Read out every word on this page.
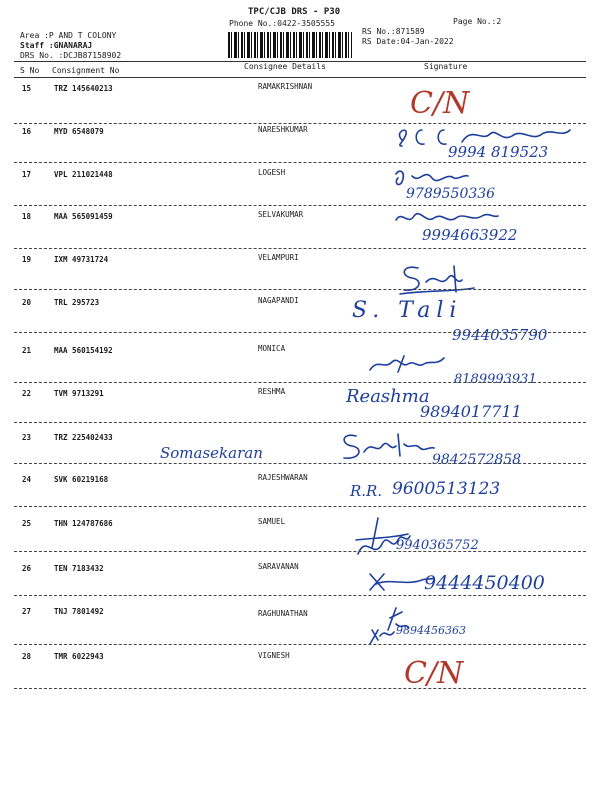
TPC/CJB DRS - P30
Phone No.:0422-3505555	Page No.:2
Area :P AND T COLONY
Staff :GNANARAJ
DRS No. :DCJB87158902
RS No.:871589
RS Date:04-Jan-2022
S No Consignment No	Consignee Details	Signature
15	TRZ 145640213	RAMAKRISHNAN	C/N
16	MYD 6548079	NARESHKUMAR
9994 819523
17	VPL 211021448	LOGESH
9789550336
18	MAA 565091459	SELVAKUMAR
9994663922
19	IXM 49731724	VELAMPURI
20	TRL 295723	NAGAPANDI S. Tali
9944035790
21	MAA 560154192	MONICA
8189993931
22	TVM 9713291	RESHMA	Reashma
9894017711
23	TRZ 225402433
Somasekaran	9842572858
24	SVK 60219168	RAJESHWARAN
R.R. 9600513123
25	THN 124787686	SAMUEL
9940365752
26	TEN 7183432	SARAVANAN
9444450400
27	TNJ 7801492	RAGHUNATHAN
9894456363
28	TMR 6022943	VIGNESH
C/N
